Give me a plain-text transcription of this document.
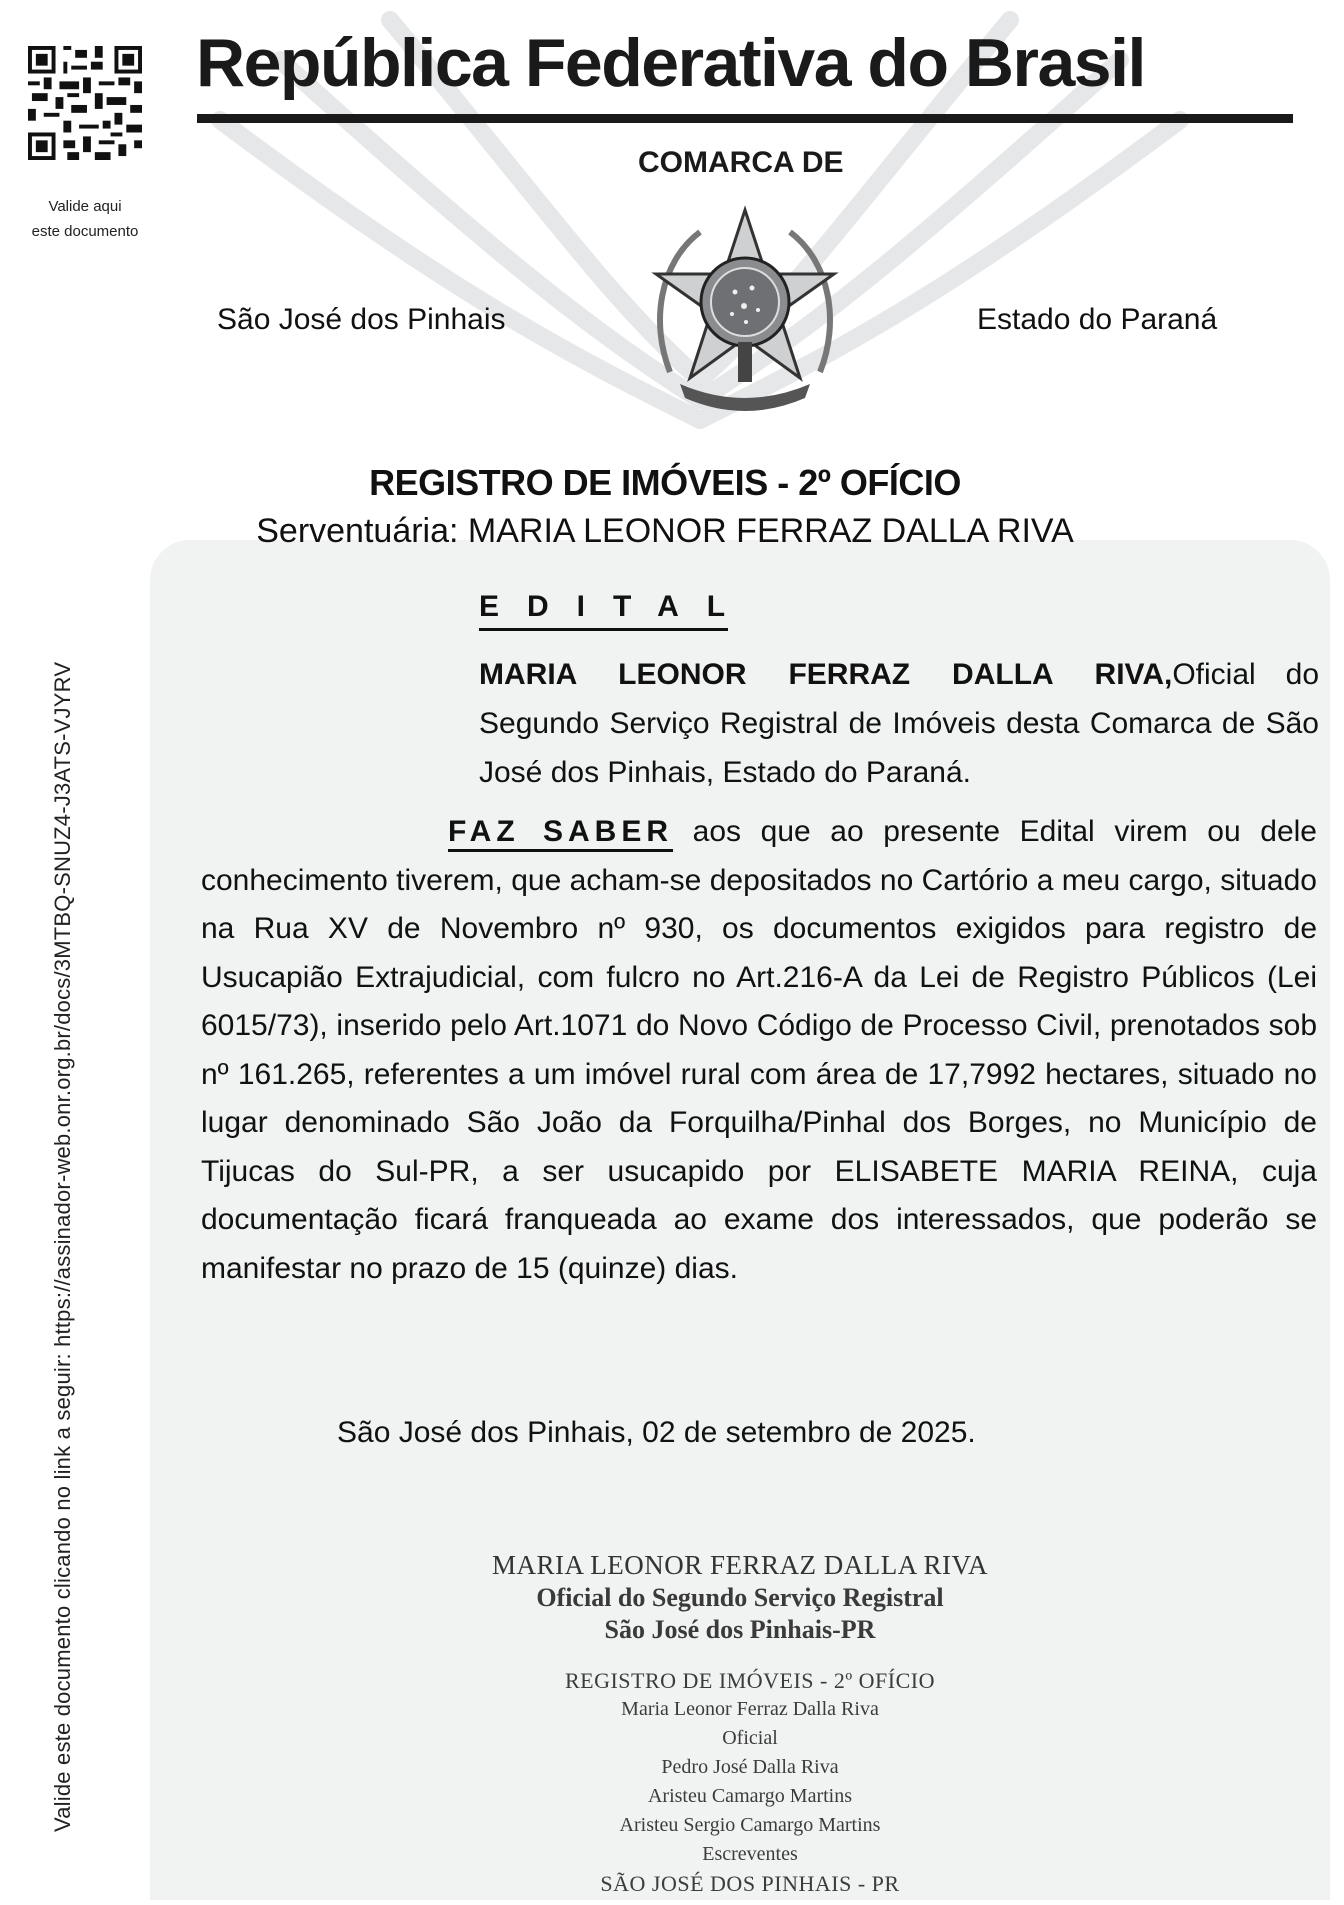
Valide aqui
este documento
Valide este documento clicando no link a seguir: https://assinador-web.onr.org.br/docs/3MTBQ-SNUZ4-J3ATS-VJYRV
República Federativa do Brasil
COMARCA DE
São José dos Pinhais	Estado do Paraná
REGISTRO DE IMÓVEIS - 2º OFÍCIO
Serventuária: MARIA LEONOR FERRAZ DALLA RIVA
EDITAL
MARIA LEONOR FERRAZ DALLA RIVA,Oficial do Segundo Serviço Registral de Imóveis desta Comarca de São José dos Pinhais, Estado do Paraná.
FAZ SABER aos que ao presente Edital virem ou dele conhecimento tiverem, que acham-se depositados no Cartório a meu cargo, situado na Rua XV de Novembro nº 930, os documentos exigidos para registro de Usucapião Extrajudicial, com fulcro no Art.216-A da Lei de Registro Públicos (Lei 6015/73), inserido pelo Art.1071 do Novo Código de Processo Civil, prenotados sob nº 161.265, referentes a um imóvel rural com área de 17,7992 hectares, situado no lugar denominado São João da Forquilha/Pinhal dos Borges, no Município de Tijucas do Sul-PR, a ser usucapido por ELISABETE MARIA REINA, cuja documentação ficará franqueada ao exame dos interessados, que poderão se manifestar no prazo de 15 (quinze) dias.
São José dos Pinhais, 02 de setembro de 2025.
MARIA LEONOR FERRAZ DALLA RIVA
Oficial do Segundo Serviço Registral
São José dos Pinhais-PR
REGISTRO DE IMÓVEIS - 2º OFÍCIO
Maria Leonor Ferraz Dalla Riva
Oficial
Pedro José Dalla Riva
Aristeu Camargo Martins
Aristeu Sergio Camargo Martins
Escreventes
SÃO JOSÉ DOS PINHAIS - PR
